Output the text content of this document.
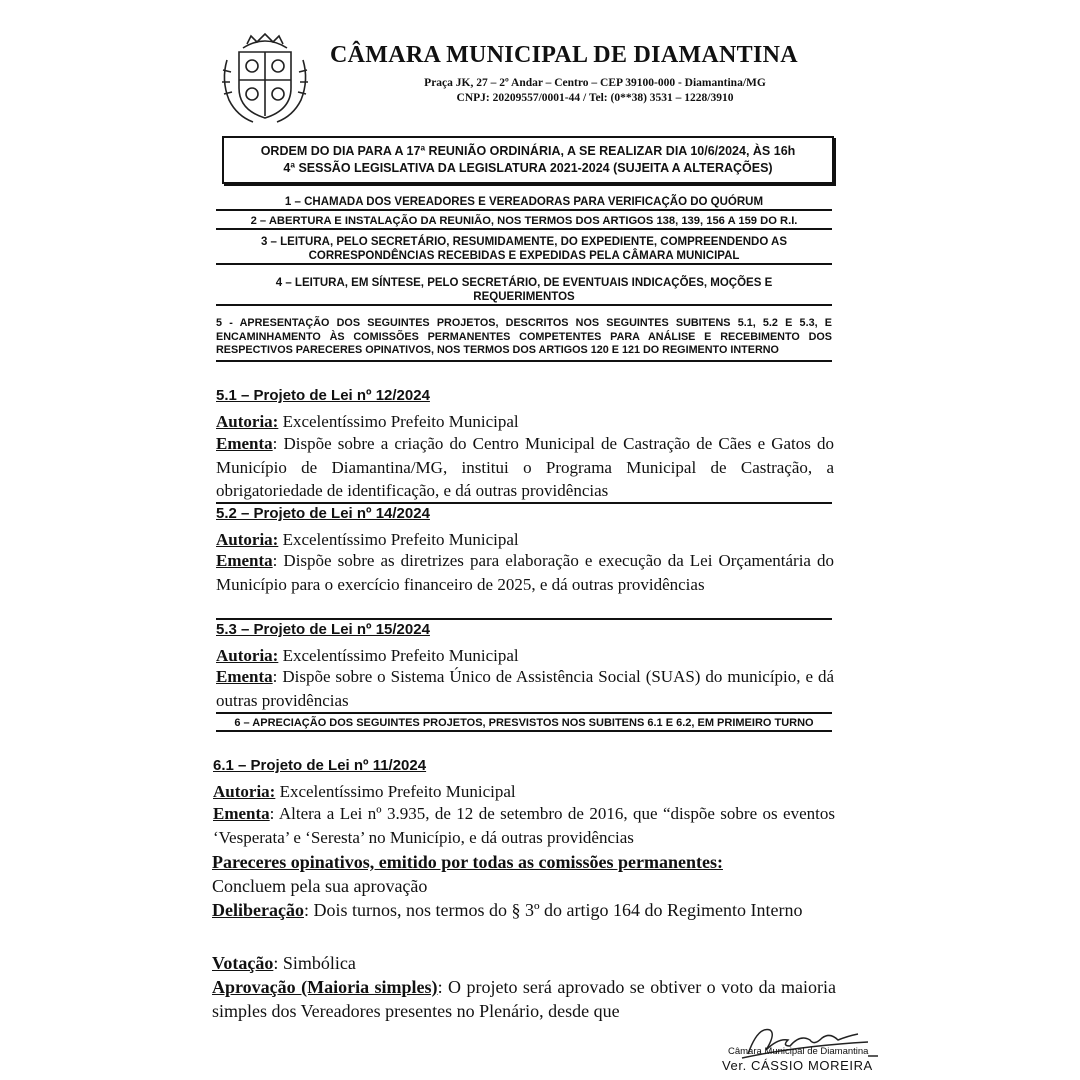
CÂMARA MUNICIPAL DE DIAMANTINA
Praça JK, 27 – 2º Andar – Centro – CEP 39100-000 - Diamantina/MG
CNPJ: 20209557/0001-44 / Tel: (0**38) 3531 – 1228/3910
ORDEM DO DIA PARA A 17ª REUNIÃO ORDINÁRIA, A SE REALIZAR DIA 10/6/2024, ÀS 16h
4ª SESSÃO LEGISLATIVA DA LEGISLATURA 2021-2024 (SUJEITA A ALTERAÇÕES)
1 – CHAMADA DOS VEREADORES E VEREADORAS PARA VERIFICAÇÃO DO QUÓRUM
2 – ABERTURA E INSTALAÇÃO DA REUNIÃO, NOS TERMOS DOS ARTIGOS 138, 139, 156 A 159 DO R.I.
3 – LEITURA, PELO SECRETÁRIO, RESUMIDAMENTE, DO EXPEDIENTE, COMPREENDENDO AS CORRESPONDÊNCIAS RECEBIDAS E EXPEDIDAS PELA CÂMARA MUNICIPAL
4 – LEITURA, EM SÍNTESE, PELO SECRETÁRIO, DE EVENTUAIS INDICAÇÕES, MOÇÕES E REQUERIMENTOS
5 - APRESENTAÇÃO DOS SEGUINTES PROJETOS, DESCRITOS NOS SEGUINTES SUBITENS 5.1, 5.2 E 5.3, E ENCAMINHAMENTO ÀS COMISSÕES PERMANENTES COMPETENTES PARA ANÁLISE E RECEBIMENTO DOS RESPECTIVOS PARECERES OPINATIVOS, NOS TERMOS DOS ARTIGOS 120 E 121 DO REGIMENTO INTERNO
5.1 – Projeto de Lei nº 12/2024
Autoria: Excelentíssimo Prefeito Municipal
Ementa: Dispõe sobre a criação do Centro Municipal de Castração de Cães e Gatos do Município de Diamantina/MG, institui o Programa Municipal de Castração, a obrigatoriedade de identificação, e dá outras providências
5.2 – Projeto de Lei nº 14/2024
Autoria: Excelentíssimo Prefeito Municipal
Ementa: Dispõe sobre as diretrizes para elaboração e execução da Lei Orçamentária do Município para o exercício financeiro de 2025, e dá outras providências
5.3 – Projeto de Lei nº 15/2024
Autoria: Excelentíssimo Prefeito Municipal
Ementa: Dispõe sobre o Sistema Único de Assistência Social (SUAS) do município, e dá outras providências
6 – APRECIAÇÃO DOS SEGUINTES PROJETOS, PRESVISTOS NOS SUBITENS 6.1 E 6.2, EM PRIMEIRO TURNO
6.1 – Projeto de Lei nº 11/2024
Autoria: Excelentíssimo Prefeito Municipal
Ementa: Altera a Lei nº 3.935, de 12 de setembro de 2016, que “dispõe sobre os eventos ‘Vesperata’ e ‘Seresta’ no Município, e dá outras providências
Pareceres opinativos, emitido por todas as comissões permanentes:
Concluem pela sua aprovação
Deliberação: Dois turnos, nos termos do § 3º do artigo 164 do Regimento Interno
Votação: Simbólica
Aprovação (Maioria simples): O projeto será aprovado se obtiver o voto da maioria simples dos Vereadores presentes no Plenário, desde que
Câmara Municipal de Diamantina
Ver. CÁSSIO MOREIRA
